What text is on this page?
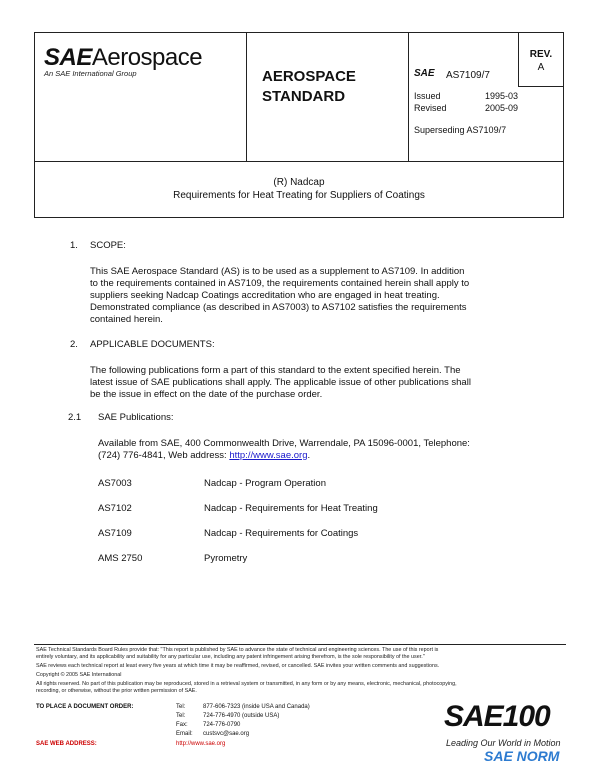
SAEAerospace
An SAE International Group	AEROSPACE
STANDARD
SAE AS7109/7
REV.
A
Issued	1995-03
Revised	2005-09
Superseding AS7109/7
(R) Nadcap
Requirements for Heat Treating for Suppliers of Coatings
1. SCOPE:
This SAE Aerospace Standard (AS) is to be used as a supplement to AS7109. In addition
to the requirements contained in AS7109, the requirements contained herein shall apply to
suppliers seeking Nadcap Coatings accreditation who are engaged in heat treating.
Demonstrated compliance (as described in AS7003) to AS7102 satisfies the requirements
contained herein.
2. APPLICABLE DOCUMENTS:
The following publications form a part of this standard to the extent specified herein. The
latest issue of SAE publications shall apply. The applicable issue of other publications shall
be the issue in effect on the date of the purchase order.
2.1 SAE Publications:
Available from SAE, 400 Commonwealth Drive, Warrendale, PA 15096-0001, Telephone:
(724) 776-4841, Web address: http://www.sae.org.
AS7003	Nadcap - Program Operation
AS7102	Nadcap - Requirements for Heat Treating
AS7109	Nadcap - Requirements for Coatings
AMS 2750	Pyrometry
SAE Technical Standards Board Rules provide that: "This report is published by SAE to advance the state of technical and engineering sciences. The use of this report is
entirely voluntary, and its applicability and suitability for any particular use, including any patent infringement arising therefrom, is the sole responsibility of the user."
SAE reviews each technical report at least every five years at which time it may be reaffirmed, revised, or cancelled. SAE invites your written comments and suggestions.
Copyright © 2005 SAE International
All rights reserved. No part of this publication may be reproduced, stored in a retrieval system or transmitted, in any form or by any means, electronic, mechanical, photocopying,
recording, or otherwise, without the prior written permission of SAE.
TO PLACE A DOCUMENT ORDER:	Tel:	877-606-7323 (inside USA and Canada)
Tel:	724-776-4970 (outside USA)
Fax:	724-776-0790
Email: custsvc@sae.org
SAE WEB ADDRESS:	http://www.sae.org
SAE100
Leading Our World in Motion
SAE NORM
